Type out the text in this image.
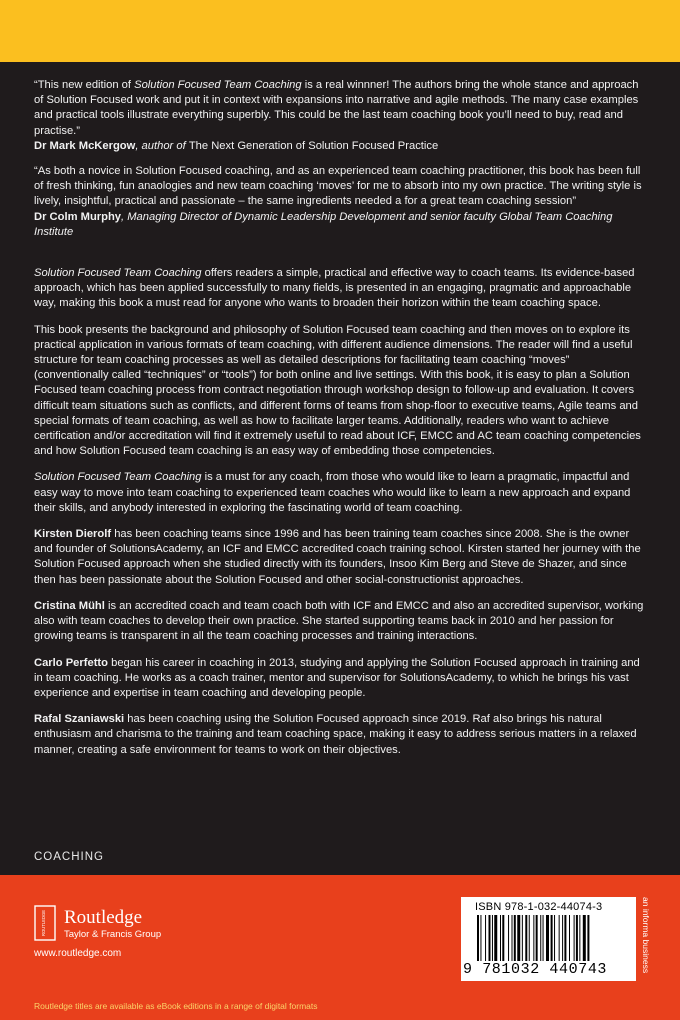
“This new edition of Solution Focused Team Coaching is a real winnner! The authors bring the whole stance and approach of Solution Focused work and put it in context with expansions into narrative and agile methods. The many case examples and practical tools illustrate everything superbly. This could be the last team coaching book you’ll need to buy, read and practise.”
Dr Mark McKergow, author of The Next Generation of Solution Focused Practice

“As both a novice in Solution Focused coaching, and as an experienced team coaching practitioner, this book has been full of fresh thinking, fun anaologies and new team coaching ‘moves’ for me to absorb into my own practice. The writing style is lively, insightful, practical and passionate – the same ingredients needed a for a great team coaching session”
Dr Colm Murphy, Managing Director of Dynamic Leadership Development and senior faculty Global Team Coaching Institute

Solution Focused Team Coaching offers readers a simple, practical and effective way to coach teams. Its evidence-based approach, which has been applied successfully to many fields, is presented in an engaging, pragmatic and approachable way, making this book a must read for anyone who wants to broaden their horizon within the team coaching space.

This book presents the background and philosophy of Solution Focused team coaching and then moves on to explore its practical application in various formats of team coaching, with different audience dimensions. The reader will find a useful structure for team coaching processes as well as detailed descriptions for facilitating team coaching “moves” (conventionally called “techniques” or “tools”) for both online and live settings. With this book, it is easy to plan a Solution Focused team coaching process from contract negotiation through workshop design to follow-up and evaluation. It covers difficult team situations such as conflicts, and different forms of teams from shop-floor to executive teams, Agile teams and special formats of team coaching, as well as how to facilitate larger teams. Additionally, readers who want to achieve certification and/or accreditation will find it extremely useful to read about ICF, EMCC and AC team coaching competencies and how Solution Focused team coaching is an easy way of embedding those competencies.

Solution Focused Team Coaching is a must for any coach, from those who would like to learn a pragmatic, impactful and easy way to move into team coaching to experienced team coaches who would like to learn a new approach and expand their skills, and anybody interested in exploring the fascinating world of team coaching.

Kirsten Dierolf has been coaching teams since 1996 and has been training team coaches since 2008. She is the owner and founder of SolutionsAcademy, an ICF and EMCC accredited coach training school. Kirsten started her journey with the Solution Focused approach when she studied directly with its founders, Insoo Kim Berg and Steve de Shazer, and since then has been passionate about the Solution Focused and other social-constructionist approaches.

Cristina Mühl is an accredited coach and team coach both with ICF and EMCC and also an accredited supervisor, working also with team coaches to develop their own practice. She started supporting teams back in 2010 and her passion for growing teams is transparent in all the team coaching processes and training interactions.

Carlo Perfetto began his career in coaching in 2013, studying and applying the Solution Focused approach in training and in team coaching. He works as a coach trainer, mentor and supervisor for SolutionsAcademy, to which he brings his vast experience and expertise in team coaching and developing people.

Rafal Szaniawski has been coaching using the Solution Focused approach since 2019. Raf also brings his natural enthusiasm and charisma to the training and team coaching space, making it easy to address serious matters in a relaxed manner, creating a safe environment for teams to work on their objectives.

COACHING
ROUTLEDGE Routledge
Taylor & Francis Group
www.routledge.com
Routledge titles are available as eBook editions in a range of digital formats
ISBN 978-1-032-44074-3
9 781032 440743	an informa business
